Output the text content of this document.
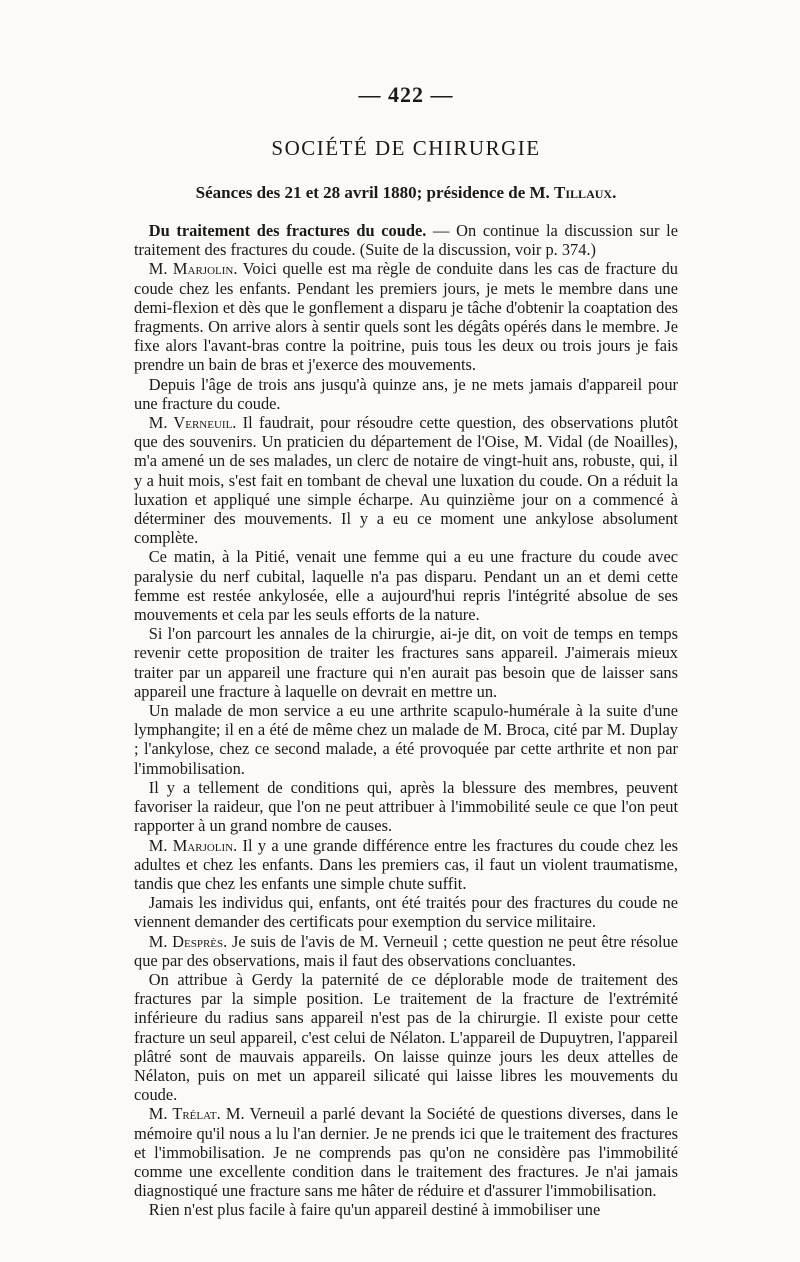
— 422 —
SOCIÉTÉ DE CHIRURGIE
Séances des 21 et 28 avril 1880; présidence de M. Tillaux.

Du traitement des fractures du coude. — On continue la discussion sur le traitement des fractures du coude. (Suite de la discussion, voir p. 374.)

M. Marjolin. Voici quelle est ma règle de conduite dans les cas de fracture du coude chez les enfants. Pendant les premiers jours, je mets le membre dans une demi-flexion et dès que le gonflement a disparu je tâche d'obtenir la coaptation des fragments. On arrive alors à sentir quels sont les dégâts opérés dans le membre. Je fixe alors l'avant-bras contre la poitrine, puis tous les deux ou trois jours je fais prendre un bain de bras et j'exerce des mouvements.

Depuis l'âge de trois ans jusqu'à quinze ans, je ne mets jamais d'appareil pour une fracture du coude.

M. Verneuil. Il faudrait, pour résoudre cette question, des observations plutôt que des souvenirs. Un praticien du département de l'Oise, M. Vidal (de Noailles), m'a amené un de ses malades, un clerc de notaire de vingt-huit ans, robuste, qui, il y a huit mois, s'est fait en tombant de cheval une luxation du coude. On a réduit la luxation et appliqué une simple écharpe. Au quinzième jour on a commencé à déterminer des mouvements. Il y a eu ce moment une ankylose absolument complète.

Ce matin, à la Pitié, venait une femme qui a eu une fracture du coude avec paralysie du nerf cubital, laquelle n'a pas disparu. Pendant un an et demi cette femme est restée ankylosée, elle a aujourd'hui repris l'intégrité absolue de ses mouvements et cela par les seuls efforts de la nature.

Si l'on parcourt les annales de la chirurgie, ai-je dit, on voit de temps en temps revenir cette proposition de traiter les fractures sans appareil. J'aimerais mieux traiter par un appareil une fracture qui n'en aurait pas besoin que de laisser sans appareil une fracture à laquelle on devrait en mettre un.

Un malade de mon service a eu une arthrite scapulo-humérale à la suite d'une lymphangite; il en a été de même chez un malade de M. Broca, cité par M. Duplay ; l'ankylose, chez ce second malade, a été provoquée par cette arthrite et non par l'immobilisation.

Il y a tellement de conditions qui, après la blessure des membres, peuvent favoriser la raideur, que l'on ne peut attribuer à l'immobilité seule ce que l'on peut rapporter à un grand nombre de causes.

M. Marjolin. Il y a une grande différence entre les fractures du coude chez les adultes et chez les enfants. Dans les premiers cas, il faut un violent traumatisme, tandis que chez les enfants une simple chute suffit.

Jamais les individus qui, enfants, ont été traités pour des fractures du coude ne viennent demander des certificats pour exemption du service militaire.

M. Desprès. Je suis de l'avis de M. Verneuil ; cette question ne peut être résolue que par des observations, mais il faut des observations concluantes.

On attribue à Gerdy la paternité de ce déplorable mode de traitement des fractures par la simple position. Le traitement de la fracture de l'extrémité inférieure du radius sans appareil n'est pas de la chirurgie. Il existe pour cette fracture un seul appareil, c'est celui de Nélaton. L'appareil de Dupuytren, l'appareil plâtré sont de mauvais appareils. On laisse quinze jours les deux attelles de Nélaton, puis on met un appareil silicaté qui laisse libres les mouvements du coude.

M. Trélat. M. Verneuil a parlé devant la Société de questions diverses, dans le mémoire qu'il nous a lu l'an dernier. Je ne prends ici que le traitement des fractures et l'immobilisation. Je ne comprends pas qu'on ne considère pas l'immobilité comme une excellente condition dans le traitement des fractures. Je n'ai jamais diagnostiqué une fracture sans me hâter de réduire et d'assurer l'immobilisation.

Rien n'est plus facile à faire qu'un appareil destiné à immobiliser une
